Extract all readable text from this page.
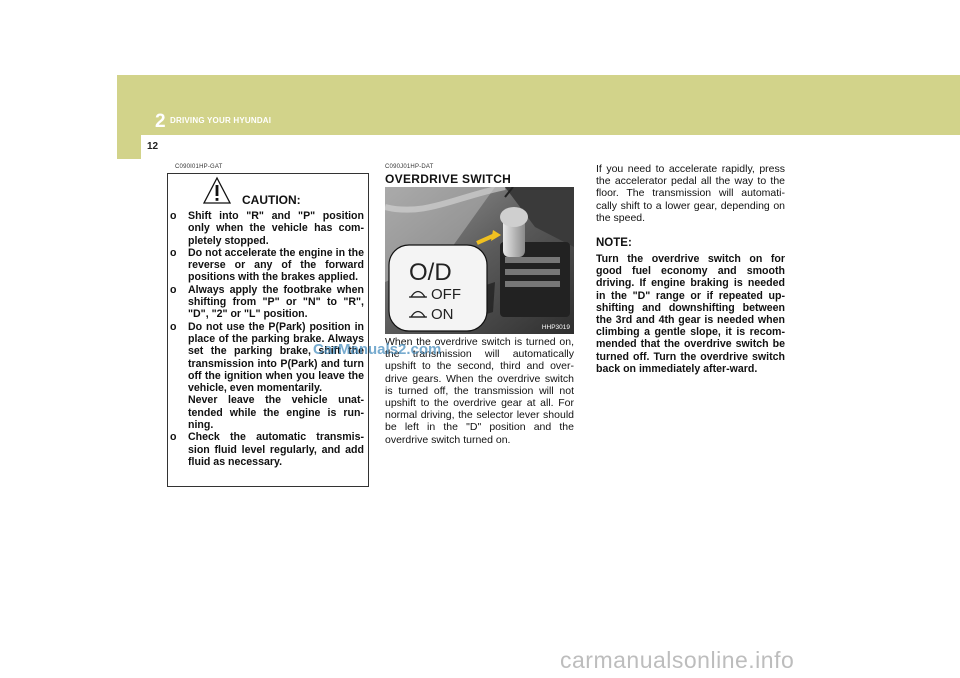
2 DRIVING YOUR HYUNDAI
12
C090I01HP-GAT
CAUTION:
o Shift into "R" and "P" position only when the vehicle has com-pletely stopped.
o Do not accelerate the engine in the reverse or any of the forward positions with the brakes applied.
o Always apply the footbrake when shifting from "P" or "N" to "R", "D", "2" or "L" position.
o Do not use the P(Park) position in place of the parking brake. Always set the parking brake, shift the transmission into P(Park) and turn off the ignition when you leave the vehicle, even momentarily.
Never leave the vehicle unat-tended while the engine is run-ning.
o Check the automatic transmis-sion fluid level regularly, and add fluid as necessary.
C090J01HP-DAT
OVERDRIVE SWITCH
O/D
OFF
ON
HHP3019

When the overdrive switch is turned on, the transmission will automatically upshift to the second, third and over-drive gears. When the overdrive switch is turned off, the transmission will not upshift to the overdrive gear at all. For normal driving, the selector lever should be left in the "D" position and the overdrive switch turned on.

If you need to accelerate rapidly, press the accelerator pedal all the way to the floor. The transmission will automati-cally shift to a lower gear, depending on the speed.

NOTE:

Turn the overdrive switch on for good fuel economy and smooth driving. If engine braking is needed in the "D" range or if repeated up-shifting and downshifting between the 3rd and 4th gear is needed when climbing a gentle slope, it is recom-mended that the overdrive switch be turned off. Turn the overdrive switch back on immediately after-ward.

CarManuals2.com
carmanualsonline.info
